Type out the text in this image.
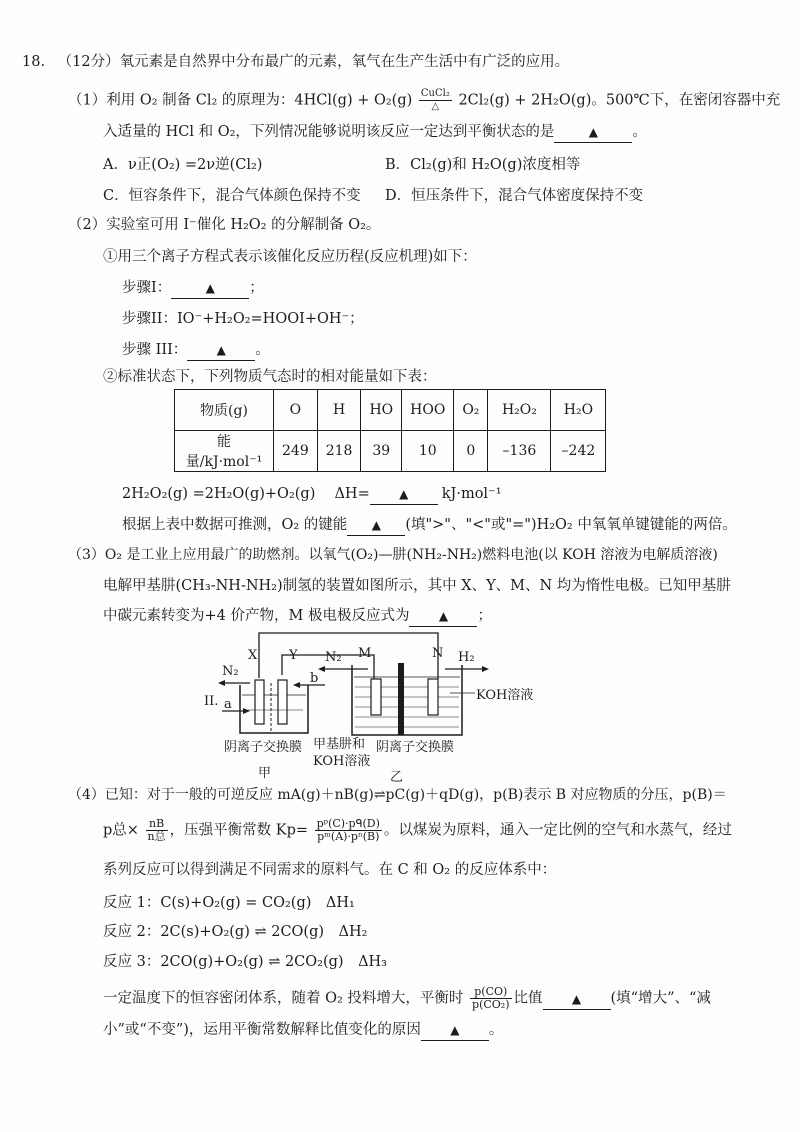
18. （12分）氧元素是自然界中分布最广的元素，氧气在生产生活中有广泛的应用。
（1）利用 O₂ 制备 Cl₂ 的原理为：4HCl(g) + O₂(g) CuCl₂
△	2Cl₂(g) + 2H₂O(g)。500℃下，在密闭容器中充
入适量的 HCl 和 O₂，下列情况能够说明该反应一定达到平衡状态的是	▲ 。
A．ν正(O₂) =2ν逆(Cl₂)	B．Cl₂(g)和 H₂O(g)浓度相等
C．恒容条件下，混合气体颜色保持不变 D．恒压条件下，混合气体密度保持不变
（2）实验室可用 I⁻催化 H₂O₂ 的分解制备 O₂。
①用三个离子方程式表示该催化反应历程(反应机理)如下：
步骤I：	▲ ；
步骤II：IO⁻+H₂O₂=HOOI+OH⁻；
步骤 III： ▲ 。
②标准状态下，下列物质气态时的相对能量如下表：
物质(g)	O	H	HO	HOO	O₂	H₂O₂	H₂O
能量/kJ·mol⁻¹	249	218	39	10	0	–136	–242
2H₂O₂(g) =2H₂O(g)+O₂(g)　 ΔH= ▲ kJ·mol⁻¹
根据上表中数据可推测，O₂ 的键能 ▲ (填">"、"<"或"=")H₂O₂ 中氧氧单键键能的两倍。
（3）O₂ 是工业上应用最广的助燃剂。以氧气(O₂)—肼(NH₂-NH₂)燃料电池(以 KOH 溶液为电解质溶液)
电解甲基肼(CH₃-NH-NH₂)制氢的装置如图所示，其中 X、Y、M、N 均为惰性电极。已知甲基肼
中碳元素转变为+4 价产物，M 极电极反应式为 ▲ ；
N₂
X Y
b
N₂ M	N H₂
KOH溶液
II. a
阴离子交换膜 甲基肼和
KOH溶液
阴离子交换膜
甲	乙
（4）已知：对于一般的可逆反应 mA(g)＋nB(g)⇌pC(g)＋qD(g)，p(B)表示 B 对应物质的分压，p(B)＝
p总× nB
n总 ，压强平衡常数 Kp= pᵖ(C)·pᑫ(D)
pᵐ(A)·pⁿ(B) 。以煤炭为原料，通入一定比例的空气和水蒸气，经过
系列反应可以得到满足不同需求的原料气。在 C 和 O₂ 的反应体系中：
反应 1：C(s)+O₂(g) = CO₂(g)　ΔH₁
反应 2：2C(s)+O₂(g) ⇌ 2CO(g)　ΔH₂
反应 3：2CO(g)+O₂(g) ⇌ 2CO₂(g)　ΔH₃
一定温度下的恒容密闭体系，随着 O₂ 投料增大，平衡时 $\frac{p(CO)}{\text{p(CO₂)}}$ 比值 ▲ (填“增大”、“减
小”或“不变”)，运用平衡常数解释比值变化的原因 ▲ 。
